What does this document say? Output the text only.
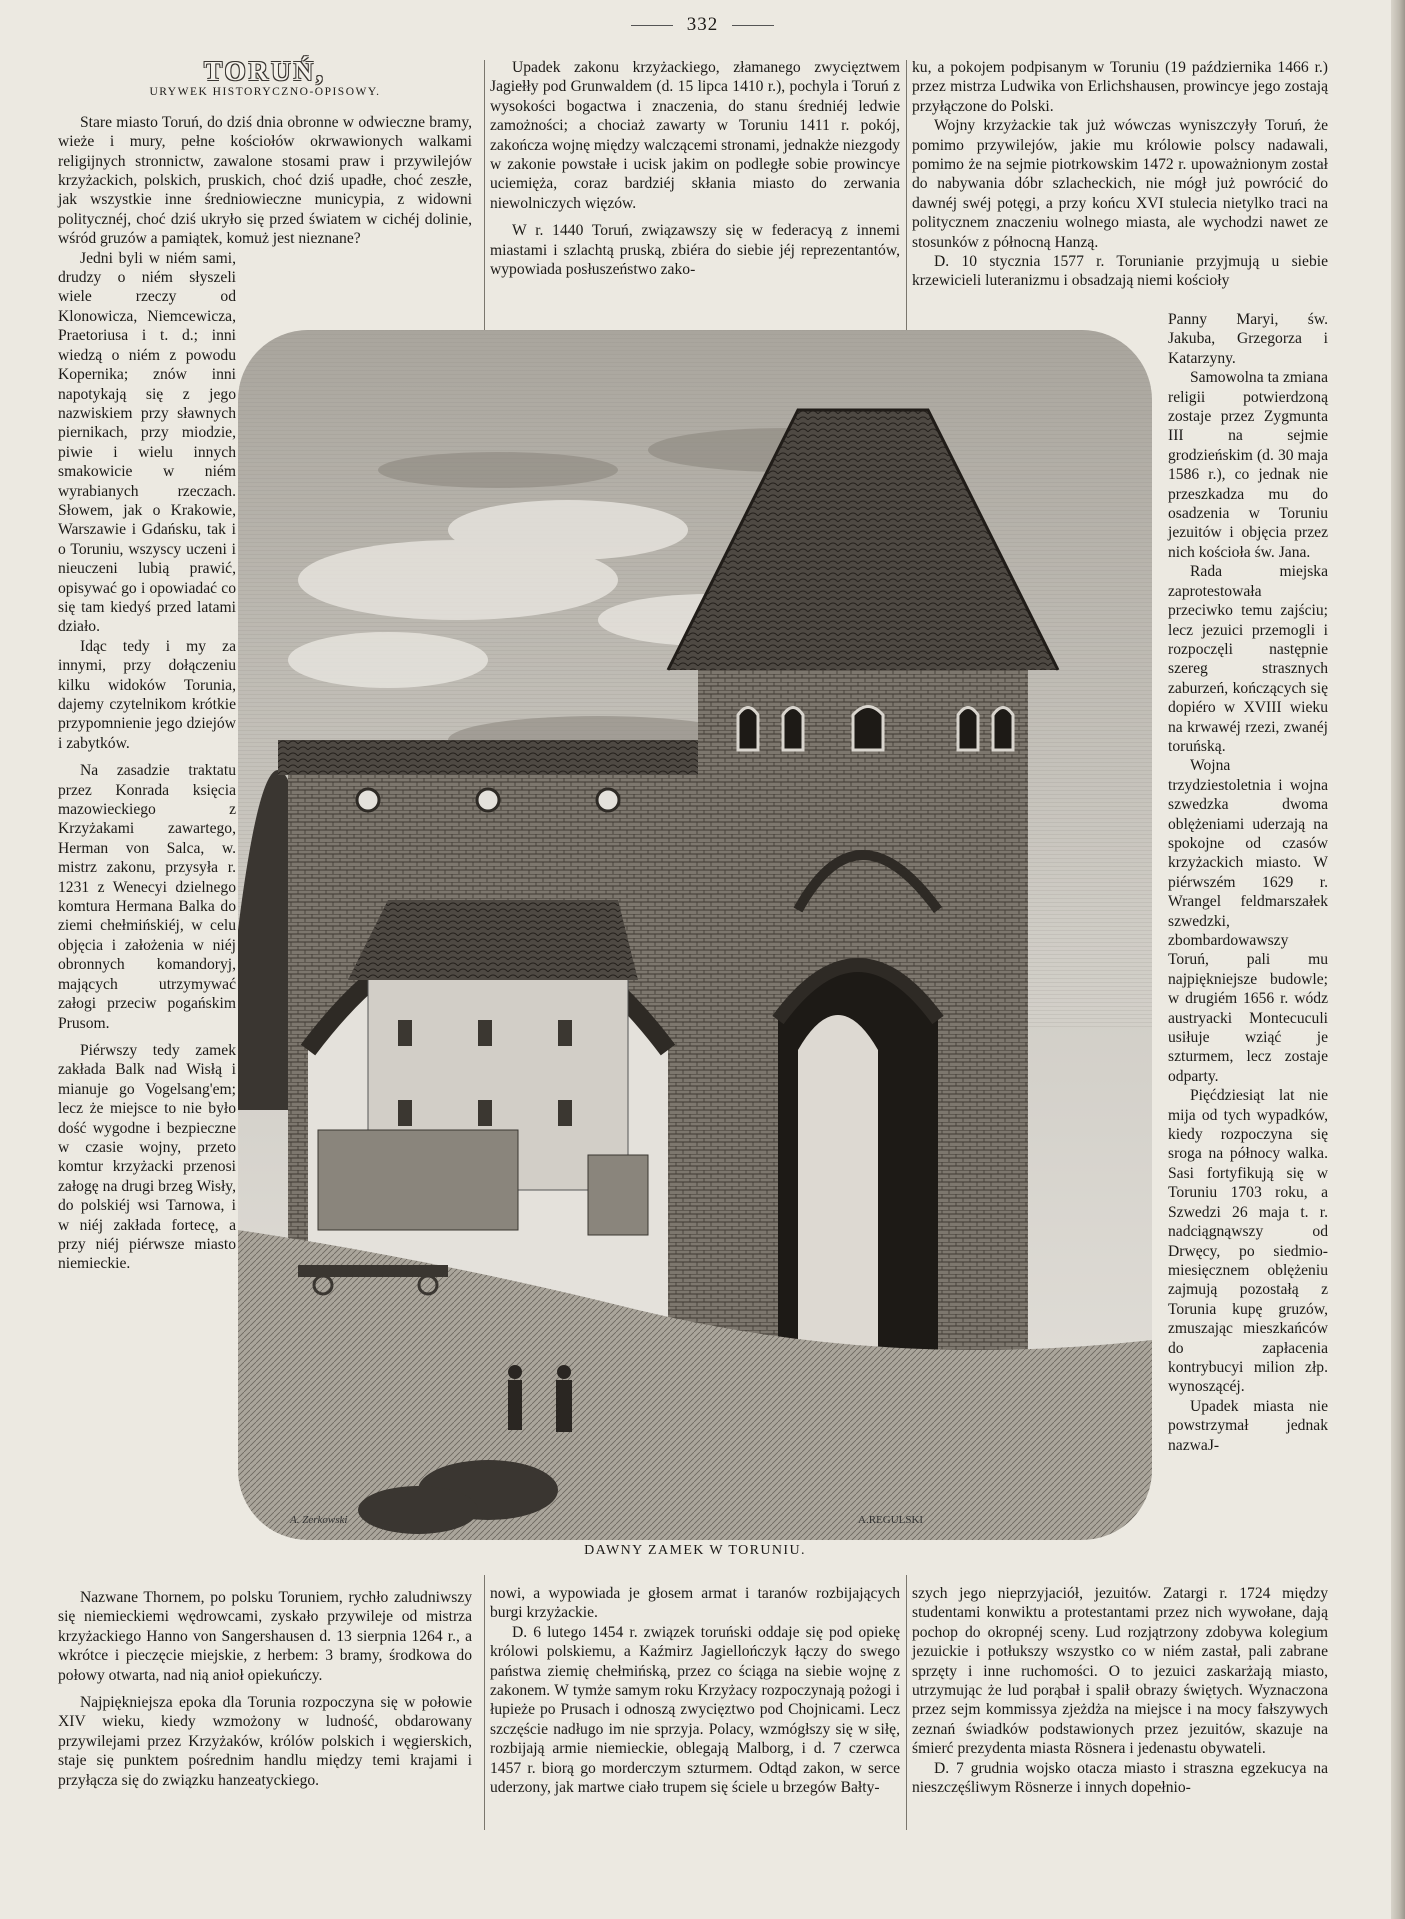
332
TORUŃ,
URYWEK HISTORYCZNO-OPISOWY.

Stare miasto Toruń, do dziś dnia obronne w odwieczne bramy, wieże i mury, pełne kościołów okrwawionych walkami religijnych stronnictw, zawalone stosami praw i przywilejów krzyżackich, polskich, pruskich, choć dziś upadłe, choć zeszłe, jak wszystkie inne średniowieczne municypia, z widowni politycznéj, choć dziś ukryło się przed światem w cichéj dolinie, wśród gruzów a pamiątek, komuż jest nieznane?

Jedni byli w niém sami, drudzy o niém słyszeli wiele rzeczy od Klonowicza, Niemcewicza, Praetoriusa i t. d.; inni wiedzą o niém z powodu Kopernika; znów inni napotykają się z jego nazwiskiem przy sławnych piernikach, przy miodzie, piwie i wielu innych smakowicie w niém wyrabianych rzeczach. Słowem, jak o Krakowie, Warszawie i Gdańsku, tak i o Toruniu, wszyscy uczeni i nieuczeni lubią prawić, opisywać go i opowiadać co się tam kiedyś przed latami działo.

Idąc tedy i my za innymi, przy dołączeniu kilku widoków Torunia, dajemy czytelnikom krótkie przypomnienie jego dziejów i zabytków.

Na zasadzie traktatu przez Konrada księcia mazowieckiego z Krzyżakami zawartego, Herman von Salca, w. mistrz zakonu, przysyła r. 1231 z Wenecyi dzielnego komtura Hermana Balka do ziemi chełmińskiéj, w celu objęcia i założenia w niéj obronnych komandoryj, mających utrzymywać załogi przeciw pogańskim Prusom.

Piérwszy tedy zamek zakłada Balk nad Wisłą i mianuje go Vogelsang'em; lecz że miejsce to nie było dość wygodne i bezpieczne w czasie wojny, przeto komtur krzyżacki przenosi załogę na drugi brzeg Wisły, do polskiéj wsi Tarnowa, i w niéj zakłada fortecę, a przy niéj piérwsze miasto niemieckie.

Nazwane Thornem, po polsku Toruniem, rychło zaludniwszy się niemieckiemi wędrowcami, zyskało przywileje od mistrza krzyżackiego Hanno von Sangershausen d. 13 sierpnia 1264 r., a wkrótce i pieczęcie miejskie, z herbem: 3 bramy, środkowa do połowy otwarta, nad nią anioł opiekuńczy.

Najpiękniejsza epoka dla Torunia rozpoczyna się w połowie XIV wieku, kiedy wzmożony w ludność, obdarowany przywilejami przez Krzyżaków, królów polskich i węgierskich, staje się punktem pośrednim handlu między temi krajami i przyłącza się do związku hanzeatyckiego.

Upadek zakonu krzyżackiego, złamanego zwycięztwem Jagiełły pod Grunwaldem (d. 15 lipca 1410 r.), pochyla i Toruń z wysokości bogactwa i znaczenia, do stanu średniéj ledwie zamożności; a chociaż zawarty w Toruniu 1411 r. pokój, zakończa wojnę między walczącemi stronami, jednakże niezgody w zakonie powstałe i ucisk jakim on podległe sobie prowincye uciemięża, coraz bardziéj skłania miasto do zerwania niewolniczych więzów.

W r. 1440 Toruń, związawszy się w federacyą z innemi miastami i szlachtą pruską, zbiéra do siebie jéj reprezentantów, wypowiada posłuszeństwo zako-

nowi, a wypowiada je głosem armat i taranów rozbijających burgi krzyżackie.

D. 6 lutego 1454 r. związek toruński oddaje się pod opiekę królowi polskiemu, a Kaźmirz Jagiellończyk łączy do swego państwa ziemię chełmińską, przez co ściąga na siebie wojnę z zakonem. W tymże samym roku Krzyżacy rozpoczynają pożogi i łupieże po Prusach i odnoszą zwycięztwo pod Chojnicami. Lecz szczęście nadługo im nie sprzyja. Polacy, wzmógłszy się w siłę, rozbijają armie niemieckie, oblegają Malborg, i d. 7 czerwca 1457 r. biorą go morderczym szturmem. Odtąd zakon, w serce uderzony, jak martwe ciało trupem się ściele u brzegów Bałty-

ku, a pokojem podpisanym w Toruniu (19 października 1466 r.) przez mistrza Ludwika von Erlichshausen, prowincye jego zostają przyłączone do Polski.

Wojny krzyżackie tak już wówczas wyniszczyły Toruń, że pomimo przywilejów, jakie mu królowie polscy nadawali, pomimo że na sejmie piotrkowskim 1472 r. upoważnionym został do nabywania dóbr szlacheckich, nie mógł już powrócić do dawnéj swéj potęgi, a przy końcu XVI stulecia nietylko traci na politycznem znaczeniu wolnego miasta, ale wychodzi nawet ze stosunków z północną Hanzą.

D. 10 stycznia 1577 r. Torunianie przyjmują u siebie krzewicieli luteranizmu i obsadzają niemi kościoły

Panny Maryi, św. Jakuba, Grzegorza i Katarzyny.

Samowolna ta zmiana religii potwierdzoną zostaje przez Zygmunta III na sejmie grodzieńskim (d. 30 maja 1586 r.), co jednak nie przeszkadza mu do osadzenia w Toruniu jezuitów i objęcia przez nich kościoła św. Jana.

Rada miejska zaprotestowała przeciwko temu zajściu; lecz jezuici przemogli i rozpoczęli następnie szereg strasznych zaburzeń, kończących się dopiéro w XVIII wieku na krwawéj rzezi, zwanéj toruńską.

Wojna trzydziestoletnia i wojna szwedzka dwoma oblężeniami uderzają na spokojne od czasów krzyżackich miasto. W piérwszém 1629 r. Wrangel feldmarszałek szwedzki, zbombardowawszy Toruń, pali mu najpiękniejsze budowle; w drugiém 1656 r. wódz austryacki Montecuculi usiłuje wziąć je szturmem, lecz zostaje odparty.

Pięćdziesiąt lat nie mija od tych wypadków, kiedy rozpoczyna się sroga na północy walka. Sasi fortyfikują się w Toruniu 1703 roku, a Szwedzi 26 maja t. r. nadciągnąwszy od Drwęcy, po siedmio-miesięcznem oblężeniu zajmują pozostałą z Torunia kupę gruzów, zmuszając mieszkańców do zapłacenia kontrybucyi milion złp. wynoszącéj.

Upadek miasta nie powstrzymał jednak nazwaJ-

szych jego nieprzyjaciół, jezuitów. Zatargi r. 1724 między studentami konwiktu a protestantami przez nich wywołane, dają pochop do okropnéj sceny. Lud rozjątrzony zdobywa kolegium jezuickie i potłukszy wszystko co w niém zastał, pali zabrane sprzęty i inne ruchomości. O to jezuici zaskarżają miasto, utrzymując że lud porąbał i spalił obrazy świętych. Wyznaczona przez sejm kommissya zjeżdża na miejsce i na mocy fałszywych zeznań świadków podstawionych przez jezuitów, skazuje na śmierć prezydenta miasta Rösnera i jedenastu obywateli.

D. 7 grudnia wojsko otacza miasto i straszna egzekucya na nieszczęśliwym Rösnerze i innych dopełnio-

A. Zerkowski	A.REGULSKI
DAWNY ZAMEK W TORUNIU.
